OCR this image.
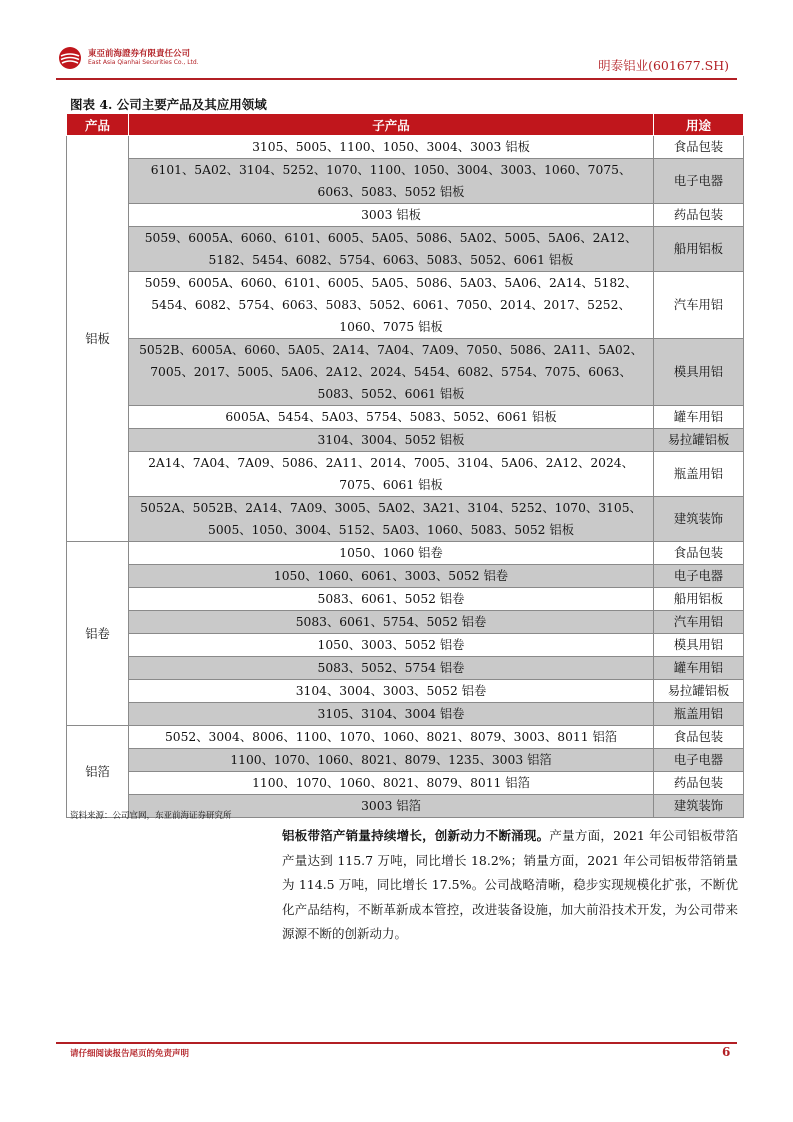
東亞前海證券有限責任公司
East Asia Qianhai Securities Co., Ltd.	明泰铝业(601677.SH)
图表 4. 公司主要产品及其应用领域
产品	子产品	用途
铝板	3105、5005、1100、1050、3004、3003 铝板	食品包装
	6101、5A02、3104、5252、1070、1100、1050、3004、3003、1060、7075、6063、5083、5052 铝板	电子电器
	3003 铝板	药品包装
	5059、6005A、6060、6101、6005、5A05、5086、5A02、5005、5A06、2A12、5182、5454、6082、5754、6063、5083、5052、6061 铝板	船用铝板
	5059、6005A、6060、6101、6005、5A05、5086、5A03、5A06、2A14、5182、5454、6082、5754、6063、5083、5052、6061、7050、2014、2017、5252、1060、7075 铝板	汽车用铝
	5052B、6005A、6060、5A05、2A14、7A04、7A09、7050、5086、2A11、5A02、7005、2017、5005、5A06、2A12、2024、5454、6082、5754、7075、6063、5083、5052、6061 铝板	模具用铝
	6005A、5454、5A03、5754、5083、5052、6061 铝板	罐车用铝
	3104、3004、5052 铝板	易拉罐铝板
	2A14、7A04、7A09、5086、2A11、2014、7005、3104、5A06、2A12、2024、7075、6061 铝板	瓶盖用铝
	5052A、5052B、2A14、7A09、3005、5A02、3A21、3104、5252、1070、3105、5005、1050、3004、5152、5A03、1060、5083、5052 铝板	建筑装饰
铝卷	1050、1060 铝卷	食品包装
	1050、1060、6061、3003、5052 铝卷	电子电器
	5083、6061、5052 铝卷	船用铝板
	5083、6061、5754、5052 铝卷	汽车用铝
	1050、3003、5052 铝卷	模具用铝
	5083、5052、5754 铝卷	罐车用铝
	3104、3004、3003、5052 铝卷	易拉罐铝板
	3105、3104、3004 铝卷	瓶盖用铝
铝箔	5052、3004、8006、1100、1070、1060、8021、8079、3003、8011 铝箔	食品包装
	1100、1070、1060、8021、8079、1235、3003 铝箔	电子电器
	1100、1070、1060、8021、8079、8011 铝箔	药品包装
	3003 铝箔	建筑装饰
资料来源：公司官网，东亚前海证券研究所
铝板带箔产销量持续增长，创新动力不断涌现。产量方面，2021 年公司铝板带箔产量达到 115.7 万吨，同比增长 18.2%；销量方面，2021 年公司铝板带箔销量为 114.5 万吨，同比增长 17.5%。公司战略清晰，稳步实现规模化扩张，不断优化产品结构，不断革新成本管控，改进装备设施，加大前沿技术开发，为公司带来源源不断的创新动力。
请仔细阅读报告尾页的免责声明	6
